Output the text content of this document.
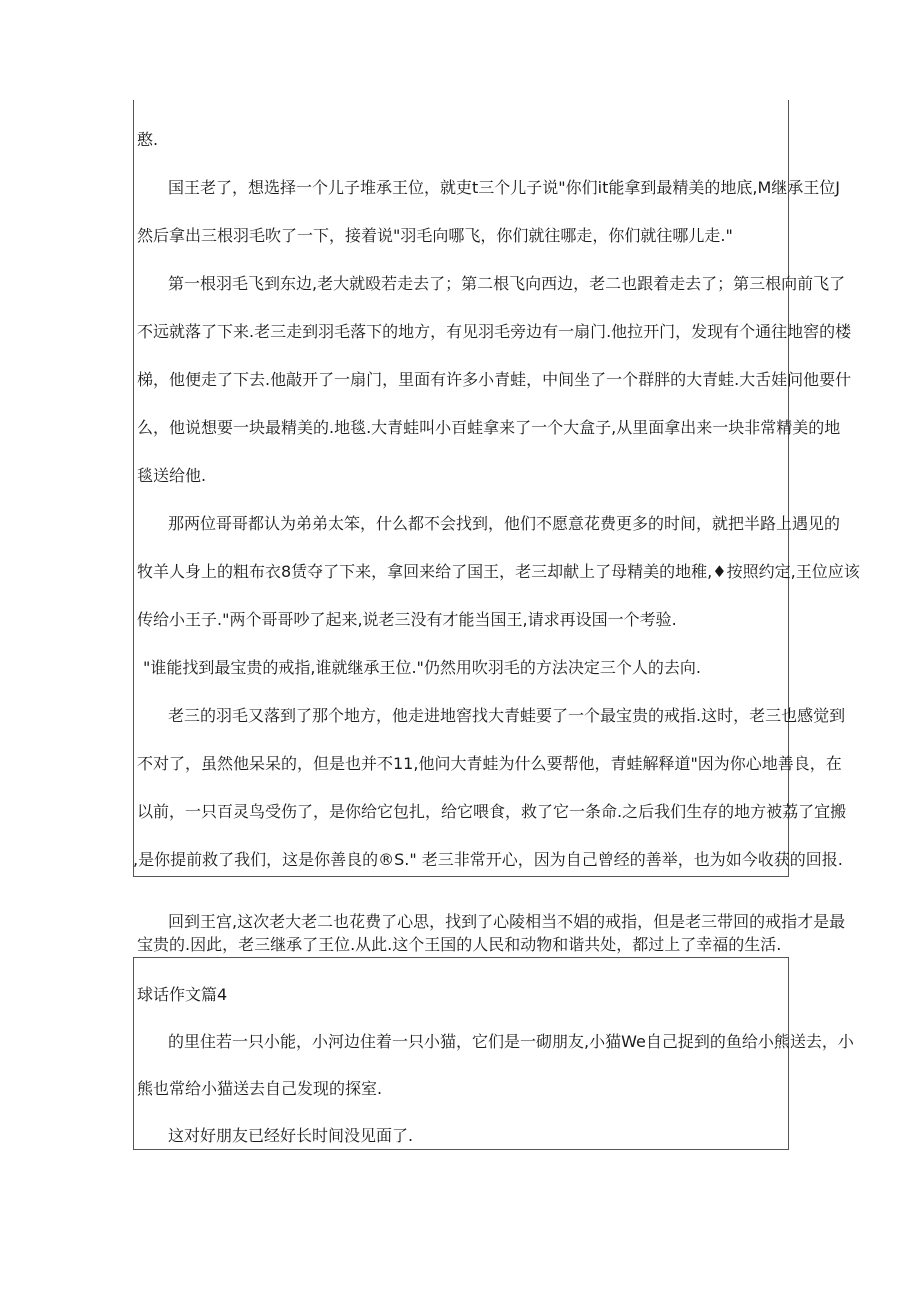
憨.
国王老了，想选择一个儿子堆承王位，就吏t三个儿子说"你们it能拿到最精美的地底,M继承王位J
然后拿出三根羽毛吹了一下，接着说"羽毛向哪飞，你们就往哪走，你们就往哪儿走."
第一根羽毛飞到东边,老大就殴若走去了；第二根飞向西边，老二也跟着走去了；第三根向前飞了
不远就落了下来.老三走到羽毛落下的地方，有见羽毛旁边有一扇门.他拉开门，发现有个通往地窖的楼
梯，他便走了下去.他敲开了一扇门，里面有许多小青蛙，中间坐了一个群胖的大青蛙.大舌娃问他要什
么，他说想要一块最精美的.地毯.大青蛙叫小百蛙拿来了一个大盒子,从里面拿出来一块非常精美的地
毯送给他.
那两位哥哥都认为弟弟太笨，什么都不会找到，他们不愿意花费更多的时间，就把半路上遇见的
牧羊人身上的粗布衣8赁夺了下来，拿回来给了国王，老三却献上了母精美的地稚,♦按照约定,王位应该
传给小王子."两个哥哥吵了起来,说老三没有才能当国王,请求再设国一个考验.
"谁能找到最宝贵的戒指,谁就继承王位."仍然用吹羽毛的方法决定三个人的去向.
老三的羽毛又落到了那个地方，他走进地窖找大青蛙要了一个最宝贵的戒指.这时，老三也感觉到
不对了，虽然他呆呆的，但是也并不11,他问大青蛙为什么要帮他，青蛙解释道"因为你心地善良，在
以前，一只百灵鸟受伤了，是你给它包扎，给它喂食，救了它一条命.之后我们生存的地方被荔了宜搬
,是你提前救了我们，这是你善良的®S." 老三非常开心，因为自己曾经的善举，也为如今收获的回报.
回到王宫,这次老大老二也花费了心思，找到了心陵相当不娼的戒指，但是老三带回的戒指才是最
宝贵的.因此，老三继承了王位.从此.这个王国的人民和动物和谐共处，都过上了幸福的生活.
球话作文篇4
的里住若一只小能，小河边住着一只小猫，它们是一砌朋友,小猫We自己捉到的鱼给小熊送去，小
熊也常给小猫送去自己发现的探室.
这对好朋友已经好长时间没见面了.
